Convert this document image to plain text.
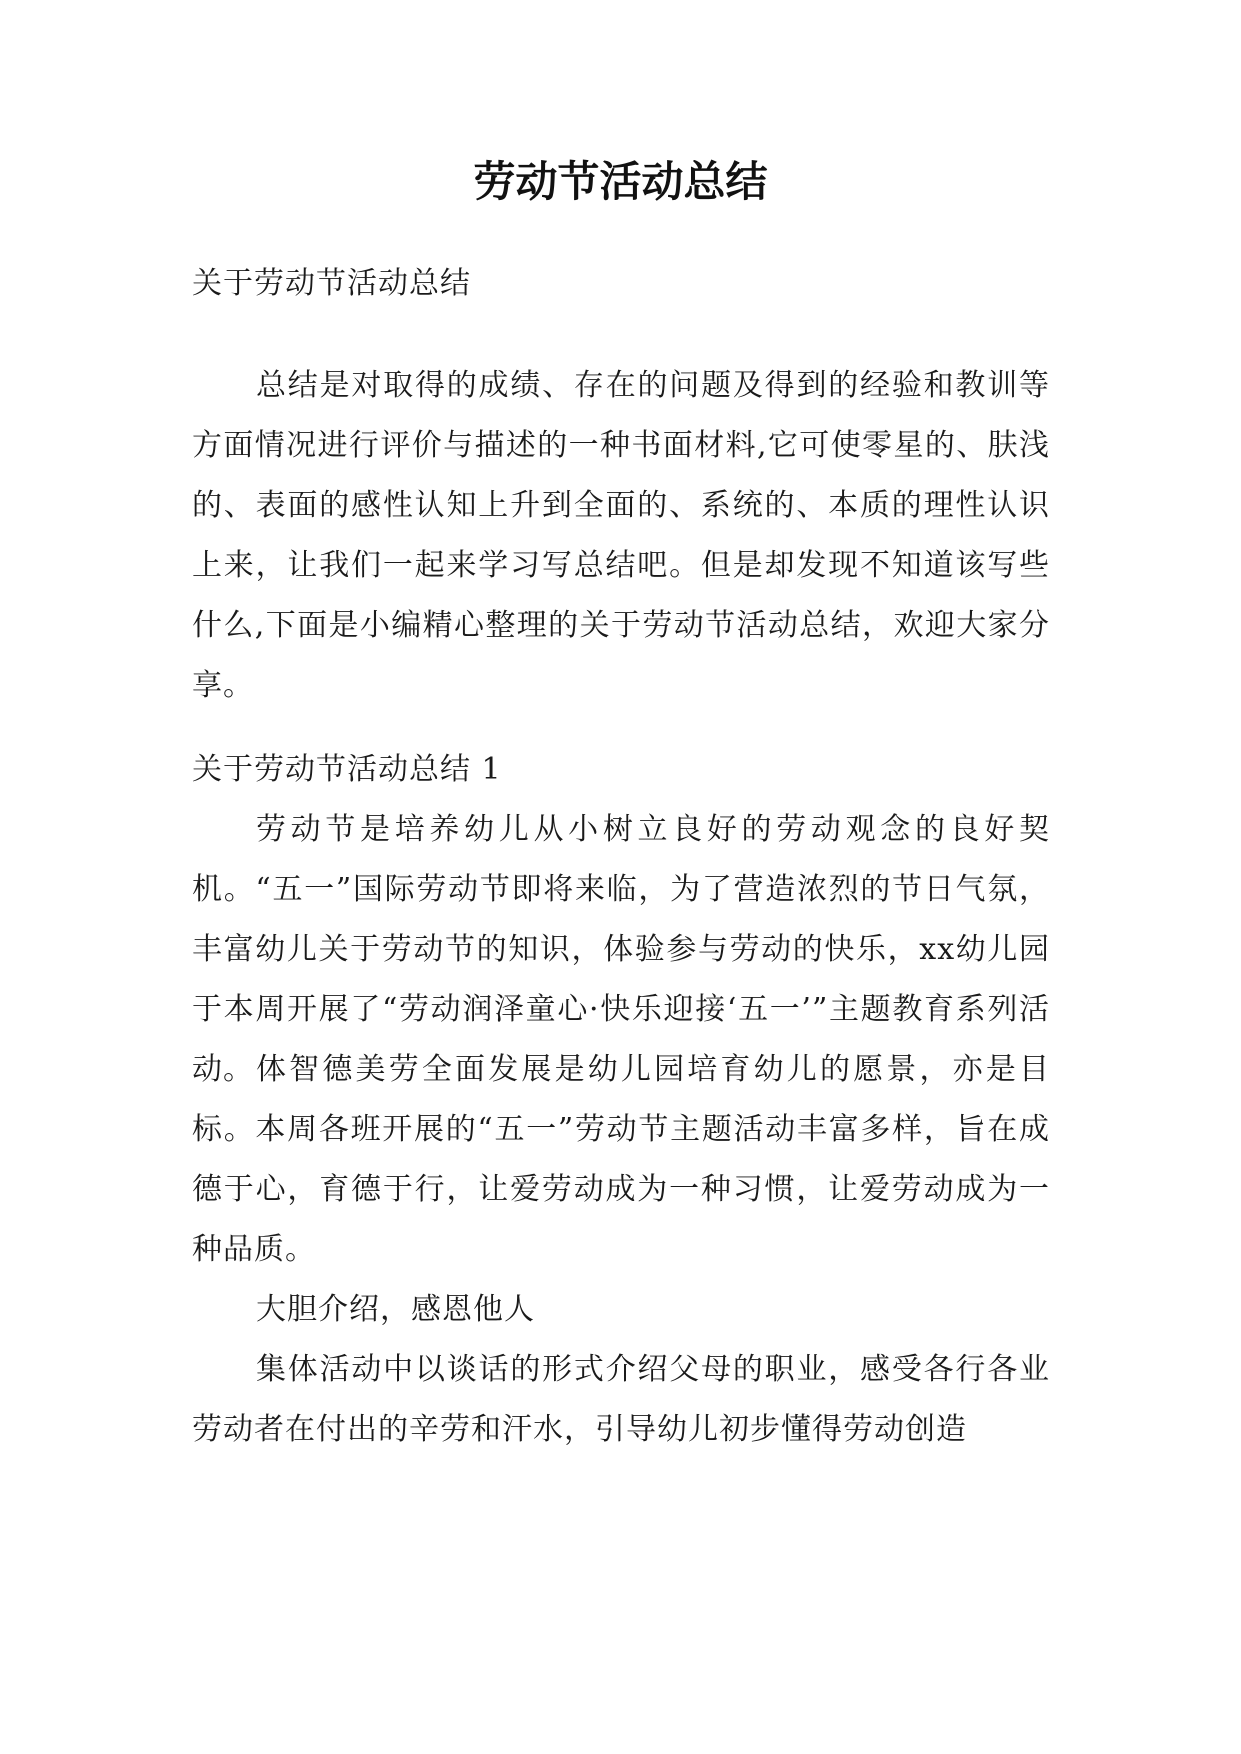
劳动节活动总结

关于劳动节活动总结

总结是对取得的成绩、存在的问题及得到的经验和教训等方面情况进行评价与描述的一种书面材料,它可使零星的、肤浅的、表面的感性认知上升到全面的、系统的、本质的理性认识上来，让我们一起来学习写总结吧。但是却发现不知道该写些什么,下面是小编精心整理的关于劳动节活动总结，欢迎大家分享。

关于劳动节活动总结 1

劳动节是培养幼儿从小树立良好的劳动观念的良好契机。“五一”国际劳动节即将来临，为了营造浓烈的节日气氛，丰富幼儿关于劳动节的知识，体验参与劳动的快乐，xx幼儿园于本周开展了“劳动润泽童心·快乐迎接‘五一’”主题教育系列活动。 体智德美劳全面发展是幼儿园培育幼儿的愿景，亦是目标。本周各班开展的“五一”劳动节主题活动丰富多样，旨在成德于心，育德于行，让爱劳动成为一种习惯，让爱劳动成为一种品质。

大胆介绍，感恩他人

集体活动中以谈话的形式介绍父母的职业，感受各行各业劳动者在付出的辛劳和汗水，引导幼儿初步懂得劳动创造
